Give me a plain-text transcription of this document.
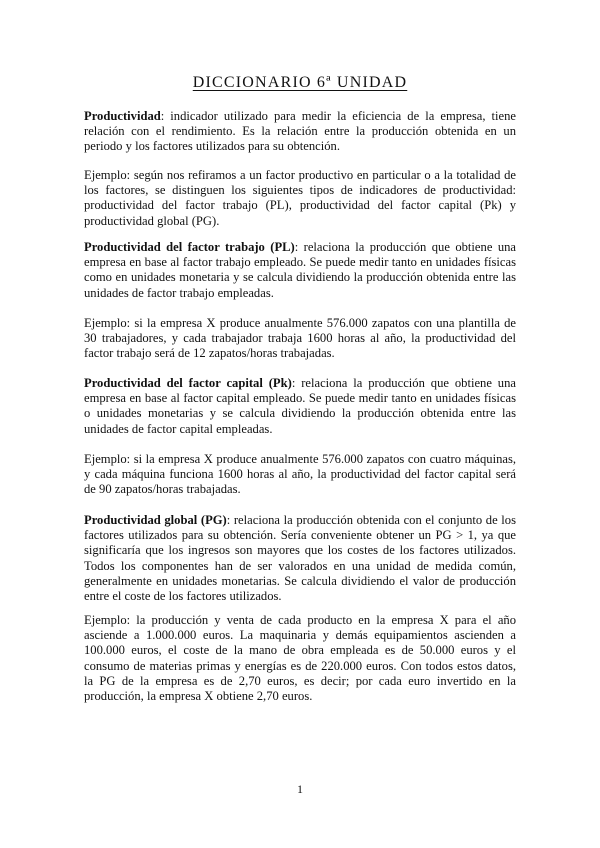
DICCIONARIO 6ª UNIDAD

Productividad: indicador utilizado para medir la eficiencia de la empresa, tiene relación con el rendimiento. Es la relación entre la producción obtenida en un periodo y los factores utilizados para su obtención.

Ejemplo: según nos refiramos a un factor productivo en particular o a la totalidad de los factores, se distinguen los siguientes tipos de indicadores de productividad: productividad del factor trabajo (PL), productividad del factor capital (Pk) y productividad global (PG).

Productividad del factor trabajo (PL): relaciona la producción que obtiene una empresa en base al factor trabajo empleado. Se puede medir tanto en unidades físicas como en unidades monetaria y se calcula dividiendo la producción obtenida entre las unidades de factor trabajo empleadas.

Ejemplo: si la empresa X produce anualmente 576.000 zapatos con una plantilla de 30 trabajadores, y cada trabajador trabaja 1600 horas al año, la productividad del factor trabajo será de 12 zapatos/horas trabajadas.

Productividad del factor capital (Pk): relaciona la producción que obtiene una empresa en base al factor capital empleado. Se puede medir tanto en unidades físicas o unidades monetarias y se calcula dividiendo la producción obtenida entre las unidades de factor capital empleadas.

Ejemplo: si la empresa X produce anualmente 576.000 zapatos con cuatro máquinas, y cada máquina funciona 1600 horas al año, la productividad del factor capital será de 90 zapatos/horas trabajadas.

Productividad global (PG): relaciona la producción obtenida con el conjunto de los factores utilizados para su obtención. Sería conveniente obtener un PG > 1, ya que significaría que los ingresos son mayores que los costes de los factores utilizados. Todos los componentes han de ser valorados en una unidad de medida común, generalmente en unidades monetarias. Se calcula dividiendo el valor de producción entre el coste de los factores utilizados.

Ejemplo: la producción y venta de cada producto en la empresa X para el año asciende a 1.000.000 euros. La maquinaria y demás equipamientos ascienden a 100.000 euros, el coste de la mano de obra empleada es de 50.000 euros y el consumo de materias primas y energías es de 220.000 euros. Con todos estos datos, la PG de la empresa es de 2,70 euros, es decir; por cada euro invertido en la producción, la empresa X obtiene 2,70 euros.

1
